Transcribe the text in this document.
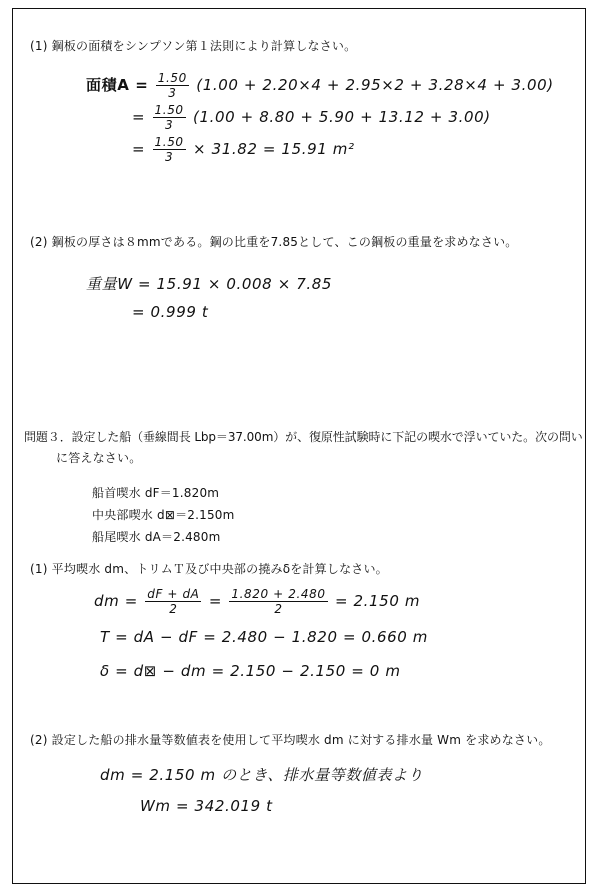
(1) 鋼板の面積をシンプソン第１法則により計算しなさい。
面積$A = \frac{1.50}{3} (1.00 + 2.20\times 4 + 2.95\times 2 + 3.28\times 4 + 3.00)$
= $\frac{1.50}{3} (1.00 + 8.80 + 5.90 + 13.12 + 3.00)$
= $\frac{1.50}{3} \times 31.82 = 15.91$ m²
(2) 鋼板の厚さは８mmである。鋼の比重を7.85として、この鋼板の重量を求めなさい。
重量W = 15.91 × 0.008 × 7.85
= 0.999 t
問題３．設定した船（垂線間長 Lbp＝37.00m）が、復原性試験時に下記の喫水で浮いていた。次の問い
に答えなさい。
船首喫水 dF＝1.820m
中央部喫水 d⊠＝2.150m
船尾喫水 dA＝2.480m
(1) 平均喫水 dm、トリムＴ及び中央部の撓みδを計算しなさい。
dm = $\frac{dF + dA}{2} = \frac{1.820 + 2.480}{2} = 2.150$ m
T = dA − dF = 2.480 − 1.820 = 0.660 m
δ = d⊠ − dm = 2.150 − 2.150 = 0 m
(2) 設定した船の排水量等数値表を使用して平均喫水 dm に対する排水量 Wm を求めなさい。
dm = 2.150 m のとき、排水量等数値表より
Wm = 342.019 t
